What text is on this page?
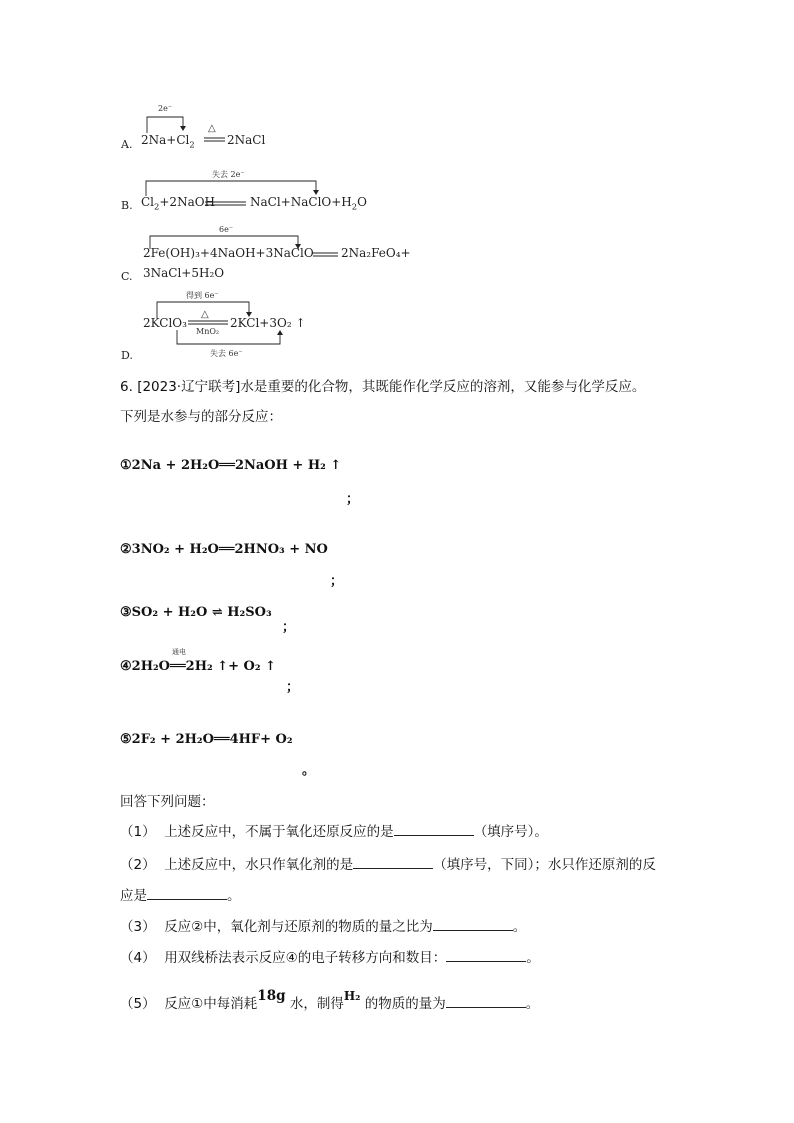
2e⁻
△
A. $2Na+Cl_2$	2NaCl
失去 2e⁻
B. $Cl_2+2NaOH$	$NaCl+NaClO+H_2O$
6e⁻
2Fe(OH)₃+4NaOH+3NaClO 2Na₂FeO₄+
C. 3NaCl+5H₂O
得到 6e⁻
△
2KClO₃	2KCl+3O₂ ↑
MnO₂
失去 6e⁻
D.
6. [2023·辽宁联考]水是重要的化合物，其既能作化学反应的溶剂，又能参与化学反应。
下列是水参与的部分反应：
①2Na + 2H₂O══2NaOH + H₂ ↑
；
②3NO₂ + H₂O══2HNO₃ + NO
；
③SO₂ + H₂O ⇌ H₂SO₃
；
通电
④2H₂O══2H₂ ↑+ O₂ ↑
；
⑤2F₂ + 2H₂O══4HF+ O₂
。
回答下列问题：
（1） 上述反应中，不属于氧化还原反应的是	（填序号）。
（2） 上述反应中，水只作氧化剂的是	（填序号，下同）；水只作还原剂的反
应是	。
（3） 反应②中，氧化剂与还原剂的物质的量之比为	。
（4） 用双线桥法表示反应④的电子转移方向和数目：	。
（5） 反应①中每消耗18g 水，制得H₂ 的物质的量为	。
